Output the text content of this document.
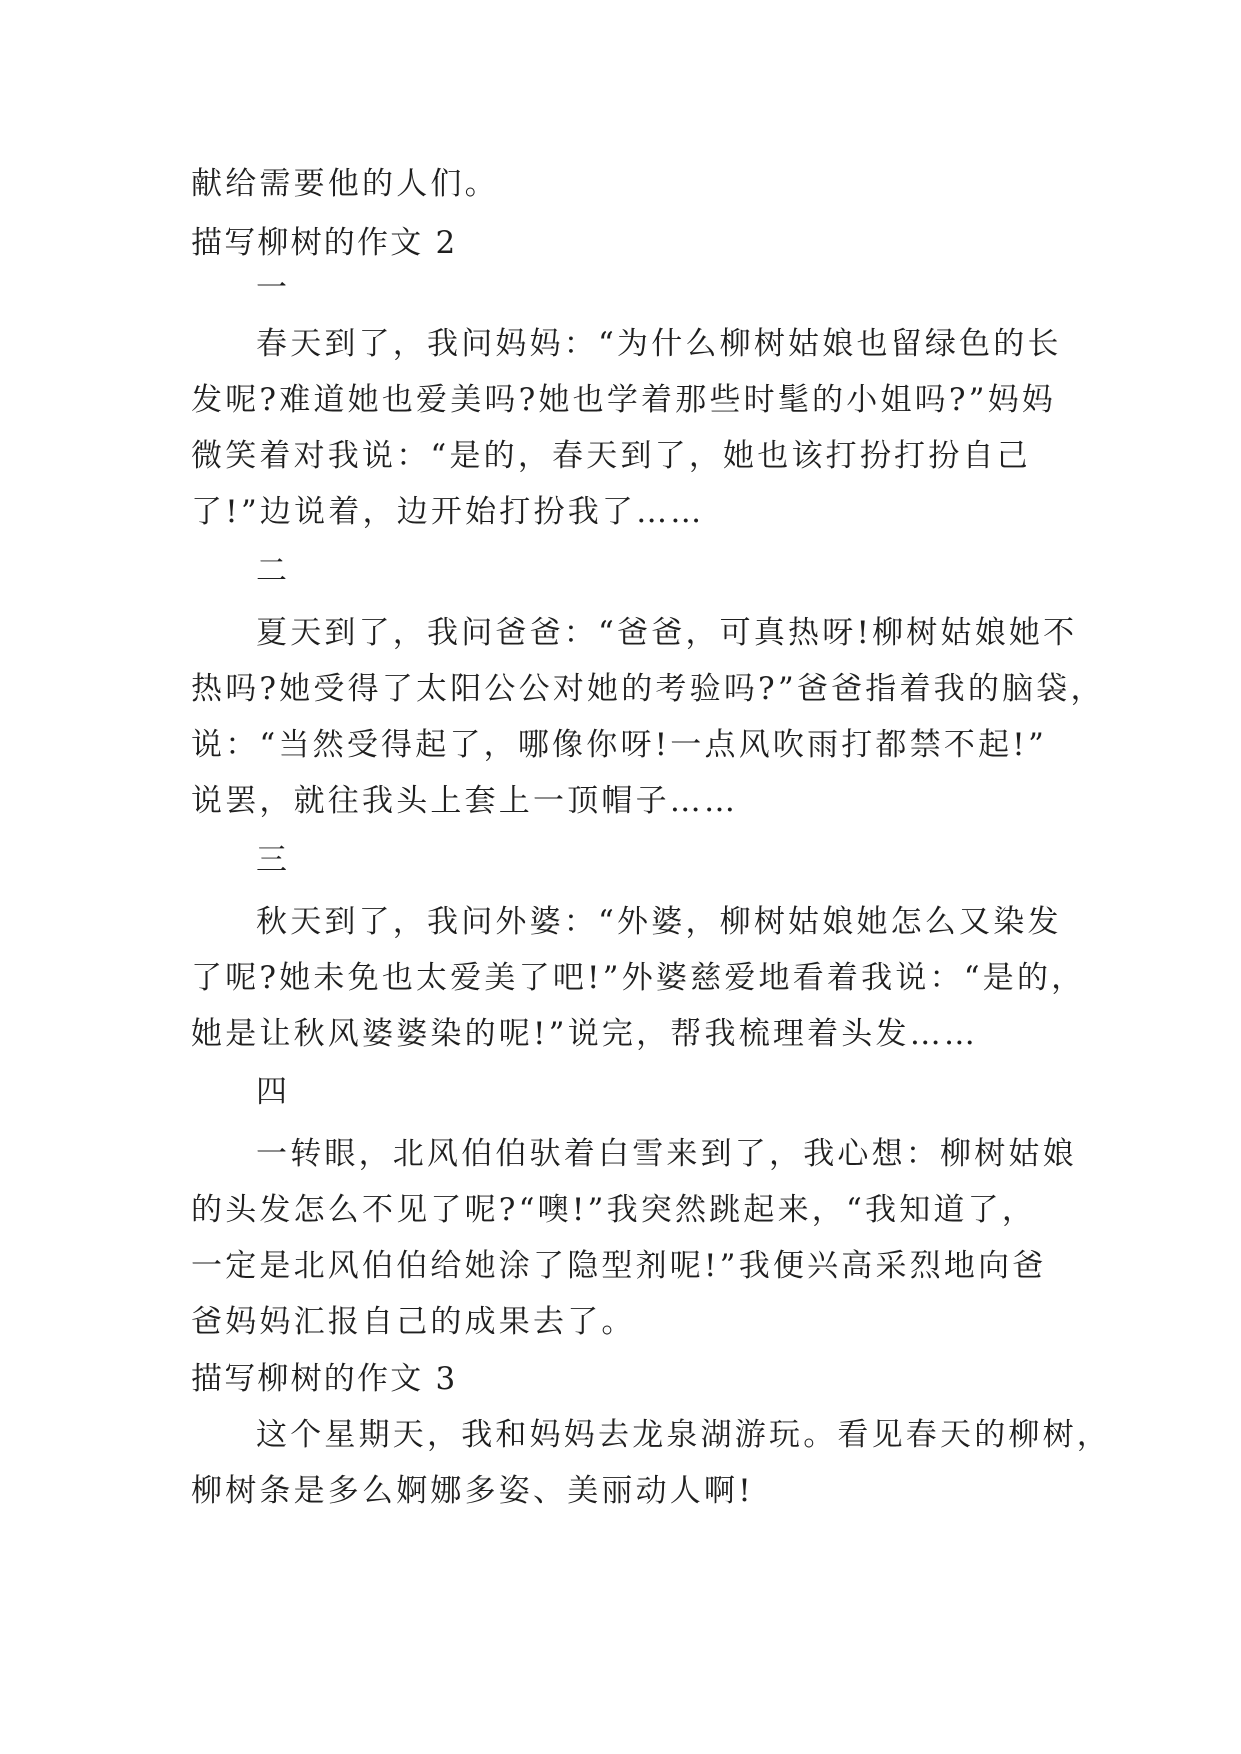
献给需要他的人们。
描写柳树的作文 2
一
春天到了，我问妈妈：“为什么柳树姑娘也留绿色的长
发呢?难道她也爱美吗?她也学着那些时髦的小姐吗?”妈妈
微笑着对我说：“是的，春天到了，她也该打扮打扮自己
了!”边说着，边开始打扮我了……
二
夏天到了，我问爸爸：“爸爸，可真热呀!柳树姑娘她不
热吗?她受得了太阳公公对她的考验吗?”爸爸指着我的脑袋，
说：“当然受得起了，哪像你呀!一点风吹雨打都禁不起!”
说罢，就往我头上套上一顶帽子……
三
秋天到了，我问外婆：“外婆，柳树姑娘她怎么又染发
了呢?她未免也太爱美了吧!”外婆慈爱地看着我说：“是的，
她是让秋风婆婆染的呢!”说完，帮我梳理着头发……
四
一转眼，北风伯伯驮着白雪来到了，我心想：柳树姑娘
的头发怎么不见了呢?“噢!”我突然跳起来，“我知道了，
一定是北风伯伯给她涂了隐型剂呢!”我便兴高采烈地向爸
爸妈妈汇报自己的成果去了。
描写柳树的作文 3
这个星期天，我和妈妈去龙泉湖游玩。看见春天的柳树，
柳树条是多么婀娜多姿、美丽动人啊!
